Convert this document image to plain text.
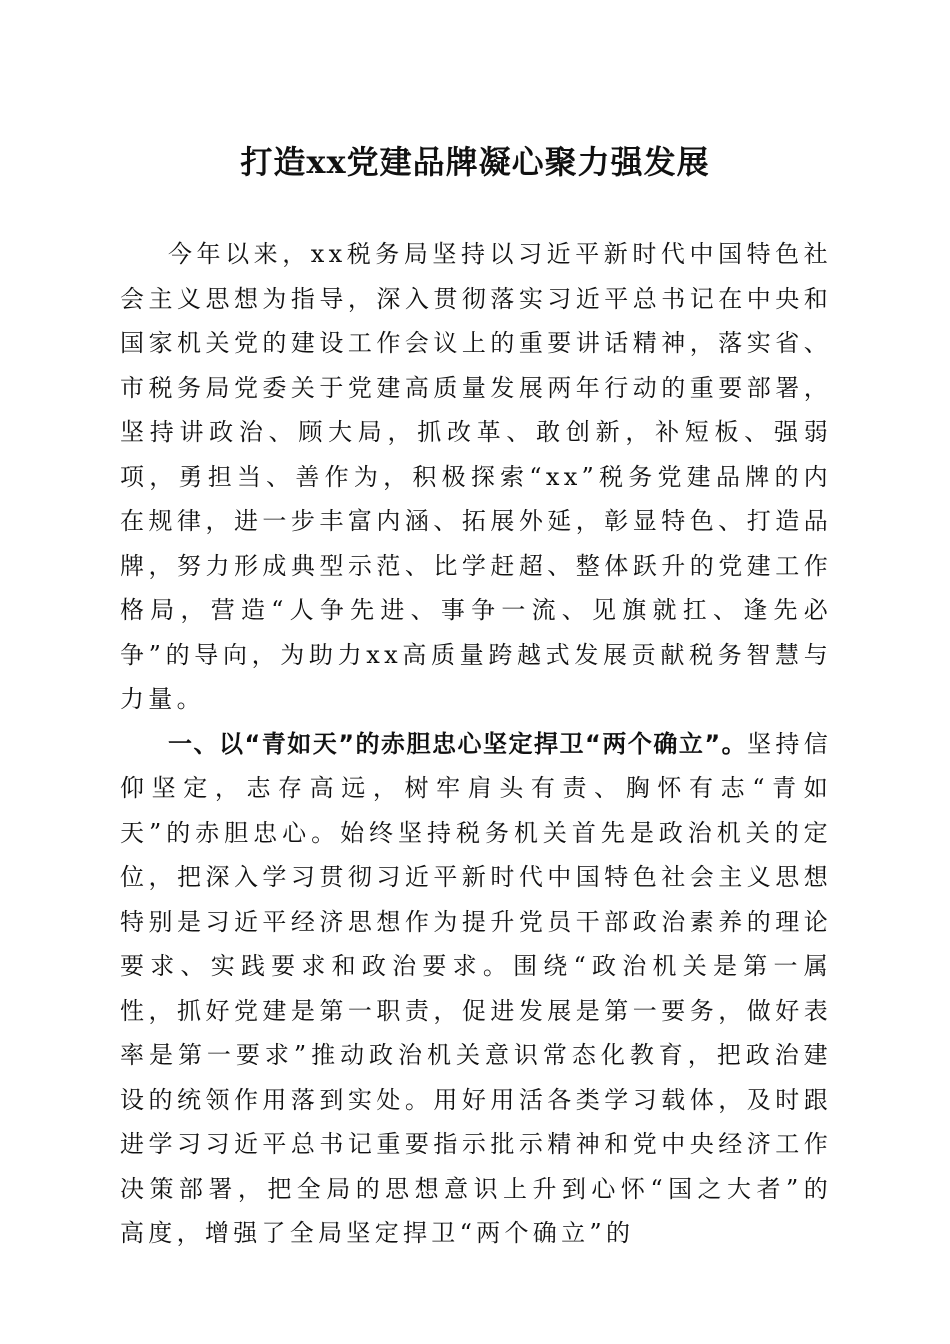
打造xx党建品牌凝心聚力强发展

今年以来，xx税务局坚持以习近平新时代中国特色社会主义思想为指导，深入贯彻落实习近平总书记在中央和国家机关党的建设工作会议上的重要讲话精神，落实省、市税务局党委关于党建高质量发展两年行动的重要部署，坚持讲政治、顾大局，抓改革、敢创新，补短板、强弱项，勇担当、善作为，积极探索“xx”税务党建品牌的内在规律，进一步丰富内涵、拓展外延，彰显特色、打造品牌，努力形成典型示范、比学赶超、整体跃升的党建工作格局，营造“人争先进、事争一流、见旗就扛、逢先必争”的导向，为助力xx高质量跨越式发展贡献税务智慧与力量。

一、以“青如天”的赤胆忠心坚定捍卫“两个确立”。坚持信仰坚定，志存高远，树牢肩头有责、胸怀有志“青如天”的赤胆忠心。始终坚持税务机关首先是政治机关的定位，把深入学习贯彻习近平新时代中国特色社会主义思想特别是习近平经济思想作为提升党员干部政治素养的理论要求、实践要求和政治要求。围绕“政治机关是第一属性，抓好党建是第一职责，促进发展是第一要务，做好表率是第一要求”推动政治机关意识常态化教育，把政治建设的统领作用落到实处。用好用活各类学习载体，及时跟进学习习近平总书记重要指示批示精神和党中央经济工作决策部署，把全局的思想意识上升到心怀“国之大者”的高度，增强了全局坚定捍卫“两个确立”的
